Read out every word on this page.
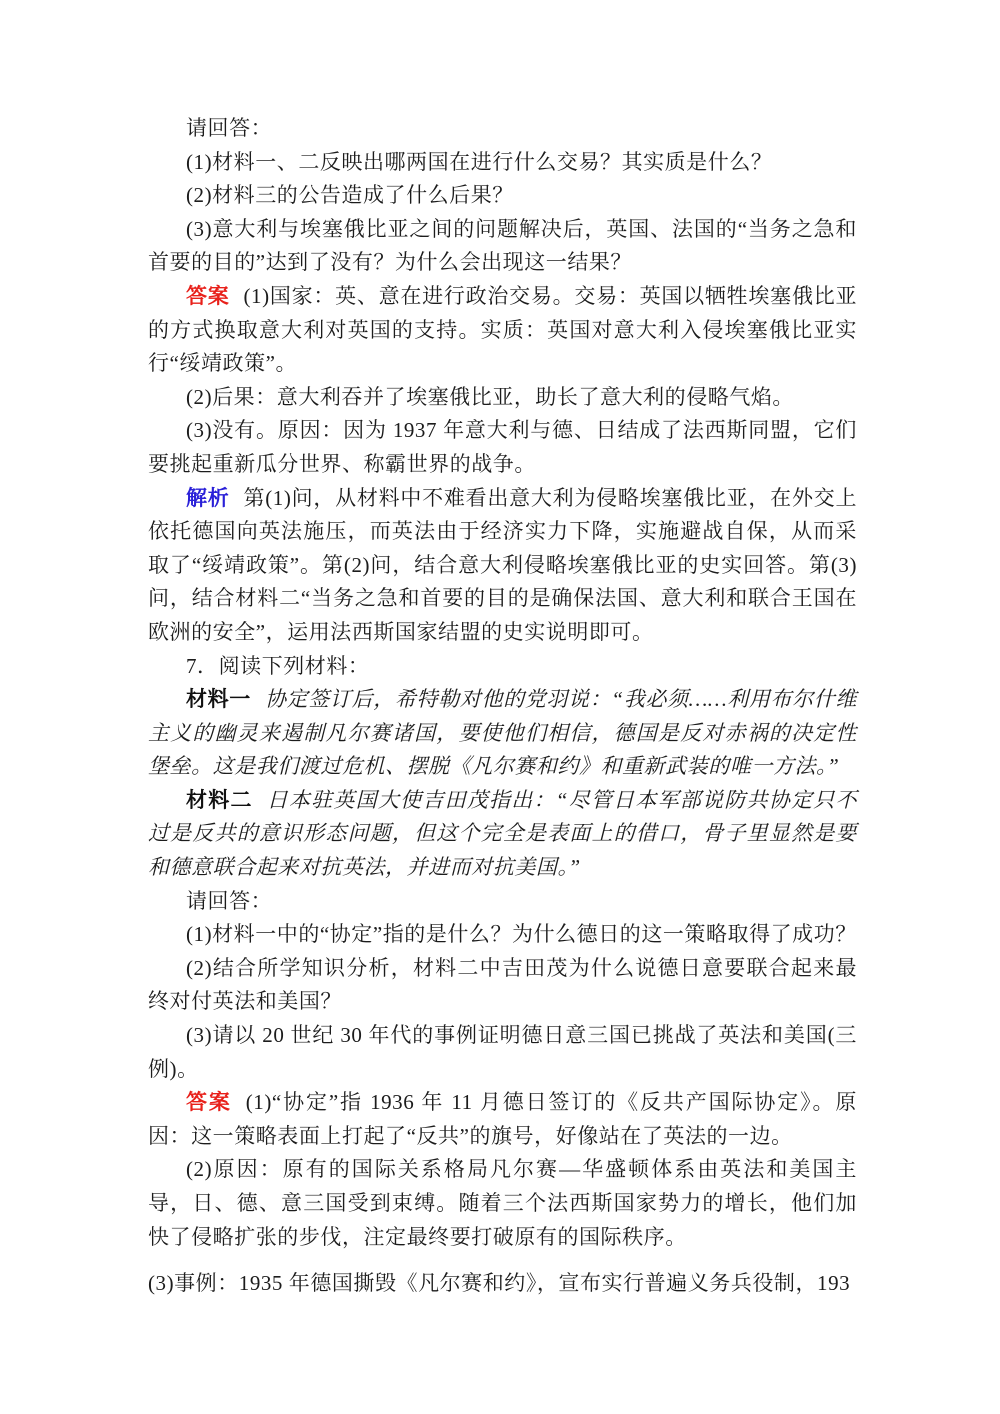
请回答：

(1)材料一、二反映出哪两国在进行什么交易？其实质是什么？

(2)材料三的公告造成了什么后果？

(3)意大利与埃塞俄比亚之间的问题解决后，英国、法国的“当务之急和首要的目的”达到了没有？为什么会出现这一结果？

答案 (1)国家：英、意在进行政治交易。交易：英国以牺牲埃塞俄比亚的方式换取意大利对英国的支持。实质：英国对意大利入侵埃塞俄比亚实行“绥靖政策”。

(2)后果：意大利吞并了埃塞俄比亚，助长了意大利的侵略气焰。

(3)没有。原因：因为 1937 年意大利与德、日结成了法西斯同盟，它们要挑起重新瓜分世界、称霸世界的战争。

解析 第(1)问，从材料中不难看出意大利为侵略埃塞俄比亚，在外交上依托德国向英法施压，而英法由于经济实力下降，实施避战自保，从而采取了“绥靖政策”。第(2)问，结合意大利侵略埃塞俄比亚的史实回答。第(3)问，结合材料二“当务之急和首要的目的是确保法国、意大利和联合王国在欧洲的安全”，运用法西斯国家结盟的史实说明即可。

7．阅读下列材料：

材料一 协定签订后，希特勒对他的党羽说：“我必须……利用布尔什维主义的幽灵来遏制凡尔赛诸国，要使他们相信，德国是反对赤祸的决定性堡垒。这是我们渡过危机、摆脱《凡尔赛和约》和重新武装的唯一方法。”

材料二 日本驻英国大使吉田茂指出：“尽管日本军部说防共协定只不过是反共的意识形态问题，但这个完全是表面上的借口，骨子里显然是要和德意联合起来对抗英法，并进而对抗美国。”

请回答：

(1)材料一中的“协定”指的是什么？为什么德日的这一策略取得了成功？

(2)结合所学知识分析，材料二中吉田茂为什么说德日意要联合起来最终对付英法和美国？

(3)请以 20 世纪 30 年代的事例证明德日意三国已挑战了英法和美国(三例)。

答案 (1)“协定”指 1936 年 11 月德日签订的《反共产国际协定》。原因：这一策略表面上打起了“反共”的旗号，好像站在了英法的一边。

(2)原因：原有的国际关系格局凡尔赛—华盛顿体系由英法和美国主导，日、德、意三国受到束缚。随着三个法西斯国家势力的增长，他们加快了侵略扩张的步伐，注定最终要打破原有的国际秩序。

(3)事例：1935 年德国撕毁《凡尔赛和约》，宣布实行普遍义务兵役制，193
